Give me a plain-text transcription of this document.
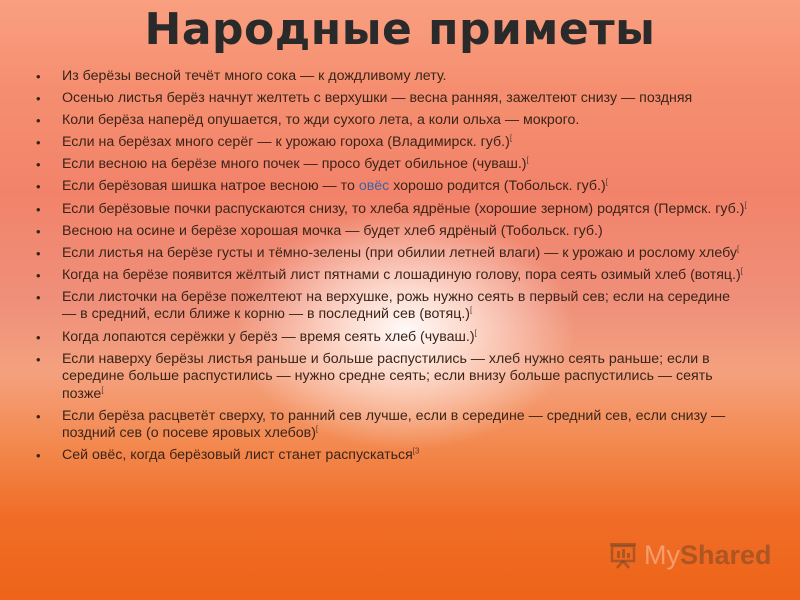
Народные приметы
• Из берёзы весной течёт много сока — к дождливому лету.
• Осенью листья берёз начнут желтеть с верхушки — весна ранняя, зажелтеют снизу — поздняя
• Коли берёза наперёд опушается, то жди сухого лета, а коли ольха — мокрого.
• Если на берёзах много серёг — к урожаю гороха (Владимирск. губ.)[
• Если весною на берёзе много почек — просо будет обильное (чуваш.)[
• Если берёзовая шишка натрое весною — то овёс хорошо родится (Тобольск. губ.)[
• Если берёзовые почки распускаются снизу, то хлеба ядрёные (хорошие зерном) родятся (Пермск. губ.)[
• Весною на осине и берёзе хорошая мочка — будет хлеб ядрёный (Тобольск. губ.)
• Если листья на берёзе густы и тёмно-зелены (при обилии летней влаги) — к урожаю и рослому хлебу[
• Когда на берёзе появится жёлтый лист пятнами с лошадиную голову, пора сеять озимый хлеб (вотяц.)[
• Если листочки на берёзе пожелтеют на верхушке, рожь нужно сеять в первый сев; если на середине — в средний, если ближе к корню — в последний сев (вотяц.)[
• Когда лопаются серёжки у берёз — время сеять хлеб (чуваш.)[
• Если наверху берёзы листья раньше и больше распустились — хлеб нужно сеять раньше; если в середине больше распустились — нужно средне сеять; если внизу больше распустились — сеять позже[
• Если берёза расцветёт сверху, то ранний сев лучше, если в середине — средний сев, если снизу — поздний сев (о посеве яровых хлебов)[
• Сей овёс, когда берёзовый лист станет распускаться$^{[3}$
MyShared
